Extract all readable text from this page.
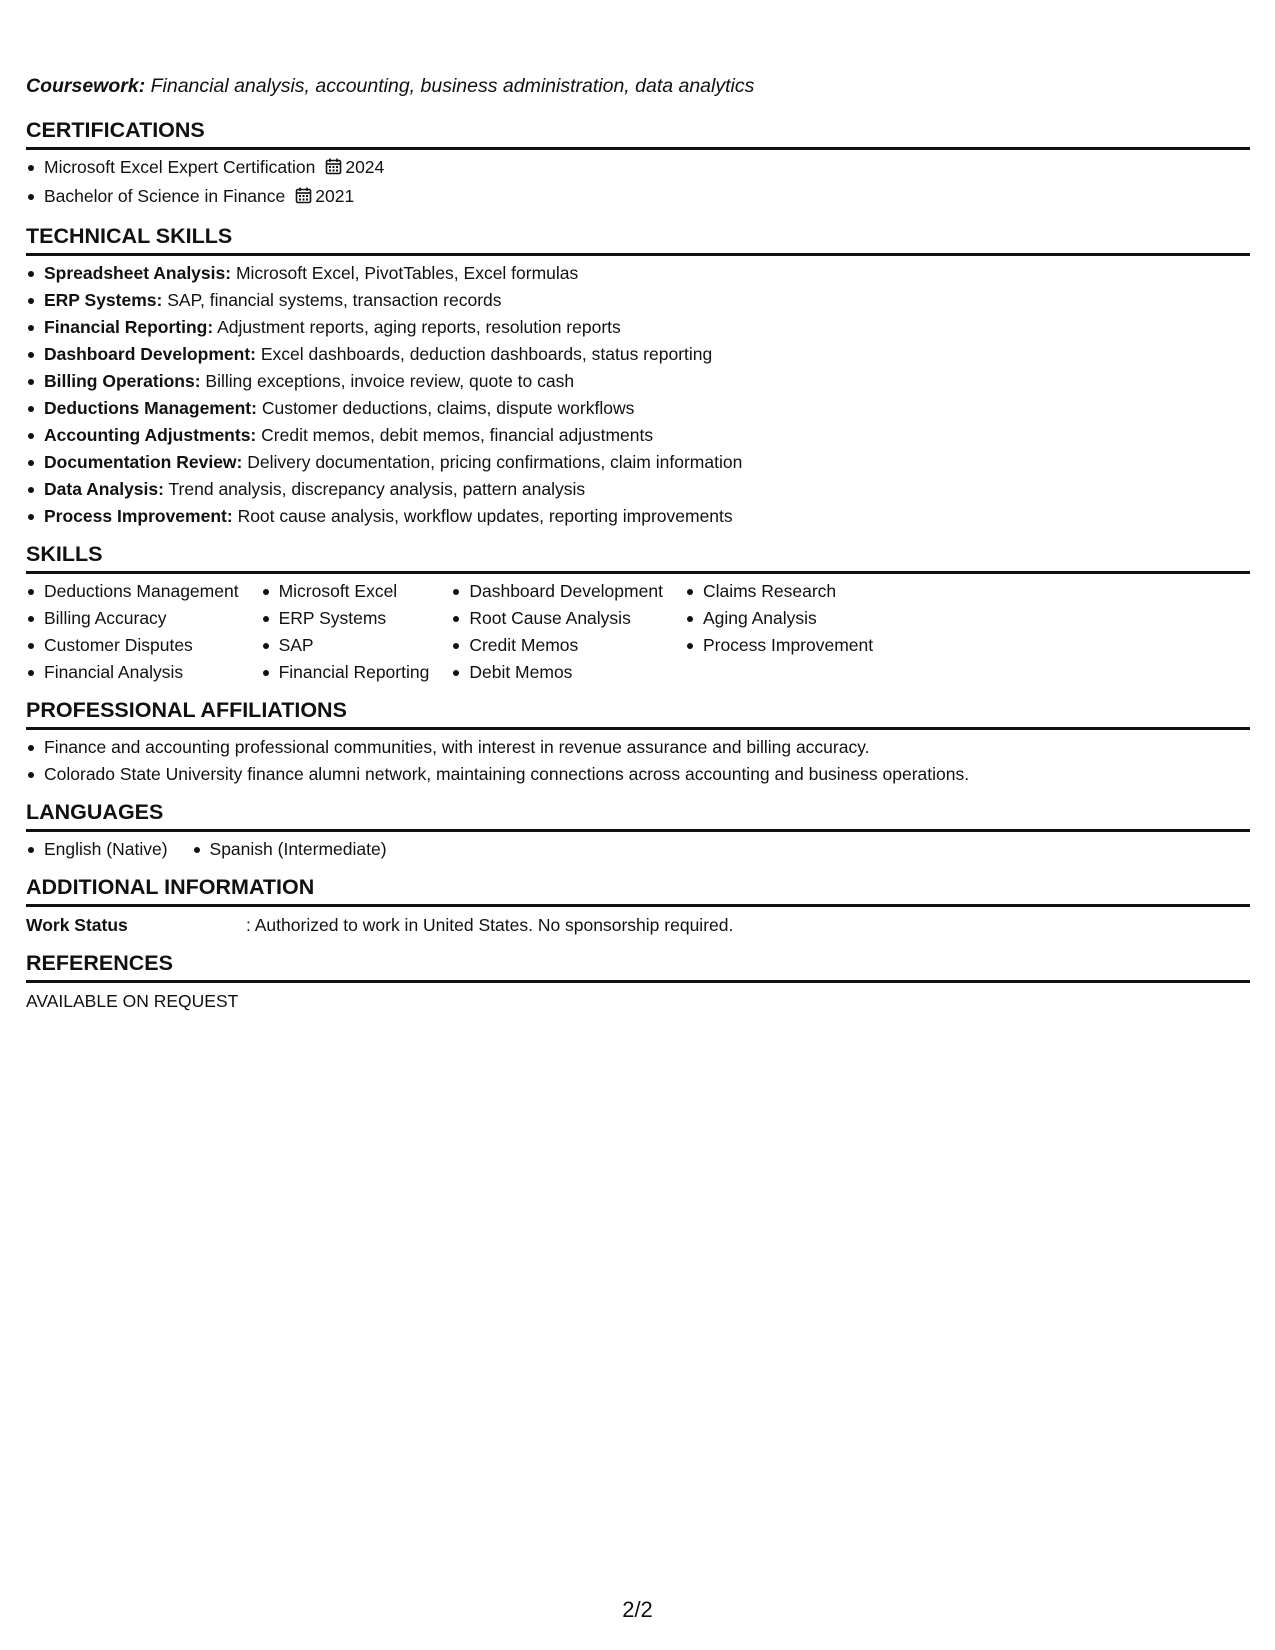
Coursework: Financial analysis, accounting, business administration, data analytics

CERTIFICATIONS
Microsoft Excel Expert Certification 2024
Bachelor of Science in Finance 2021
TECHNICAL SKILLS
Spreadsheet Analysis: Microsoft Excel, PivotTables, Excel formulas
ERP Systems: SAP, financial systems, transaction records
Financial Reporting: Adjustment reports, aging reports, resolution reports
Dashboard Development: Excel dashboards, deduction dashboards, status reporting
Billing Operations: Billing exceptions, invoice review, quote to cash
Deductions Management: Customer deductions, claims, dispute workflows
Accounting Adjustments: Credit memos, debit memos, financial adjustments
Documentation Review: Delivery documentation, pricing confirmations, claim information
Data Analysis: Trend analysis, discrepancy analysis, pattern analysis
Process Improvement: Root cause analysis, workflow updates, reporting improvements
SKILLS
Deductions Management
Billing Accuracy
Customer Disputes
Financial Analysis
Microsoft Excel
ERP Systems
SAP
Financial Reporting
Dashboard Development
Root Cause Analysis
Credit Memos
Debit Memos
Claims Research
Aging Analysis
Process Improvement
PROFESSIONAL AFFILIATIONS
Finance and accounting professional communities, with interest in revenue assurance and billing accuracy.
Colorado State University finance alumni network, maintaining connections across accounting and business operations.
LANGUAGES
English (Native)	Spanish (Intermediate)
ADDITIONAL INFORMATION
Work Status	: Authorized to work in United States. No sponsorship required.
REFERENCES
AVAILABLE ON REQUEST
2/2
